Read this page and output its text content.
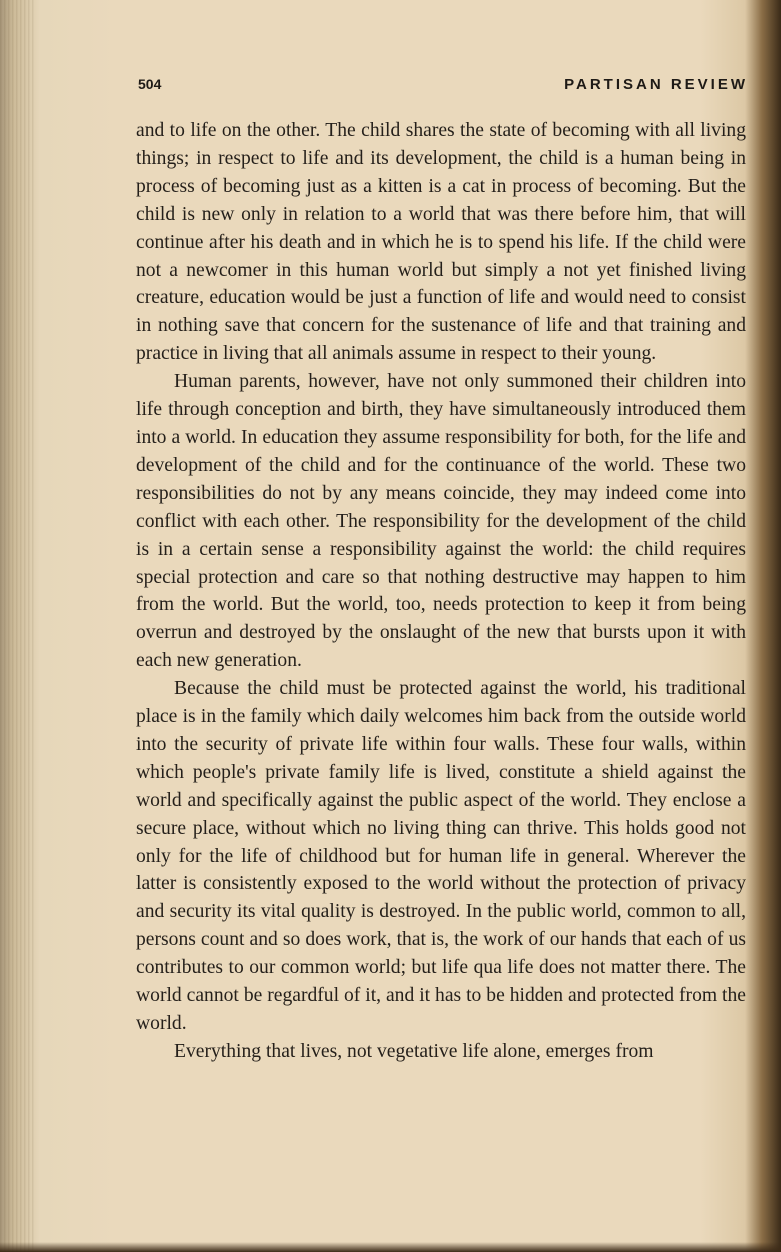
504	PARTISAN REVIEW

and to life on the other. The child shares the state of becoming with all living things; in respect to life and its development, the child is a human being in process of becoming just as a kitten is a cat in process of becoming. But the child is new only in relation to a world that was there before him, that will continue after his death and in which he is to spend his life. If the child were not a newcomer in this human world but simply a not yet finished living creature, education would be just a function of life and would need to consist in nothing save that concern for the sustenance of life and that training and practice in living that all animals assume in respect to their young.

Human parents, however, have not only summoned their children into life through conception and birth, they have simultaneously introduced them into a world. In education they assume responsibility for both, for the life and development of the child and for the continuance of the world. These two responsibilities do not by any means coincide, they may indeed come into conflict with each other. The responsibility for the development of the child is in a certain sense a responsibility against the world: the child requires special protection and care so that nothing destructive may happen to him from the world. But the world, too, needs protection to keep it from being overrun and destroyed by the onslaught of the new that bursts upon it with each new generation.

Because the child must be protected against the world, his traditional place is in the family which daily welcomes him back from the outside world into the security of private life within four walls. These four walls, within which people's private family life is lived, constitute a shield against the world and specifically against the public aspect of the world. They enclose a secure place, without which no living thing can thrive. This holds good not only for the life of childhood but for human life in general. Wherever the latter is consistently exposed to the world without the protection of privacy and security its vital quality is destroyed. In the public world, common to all, persons count and so does work, that is, the work of our hands that each of us contributes to our common world; but life qua life does not matter there. The world cannot be regardful of it, and it has to be hidden and protected from the world.

Everything that lives, not vegetative life alone, emerges from
